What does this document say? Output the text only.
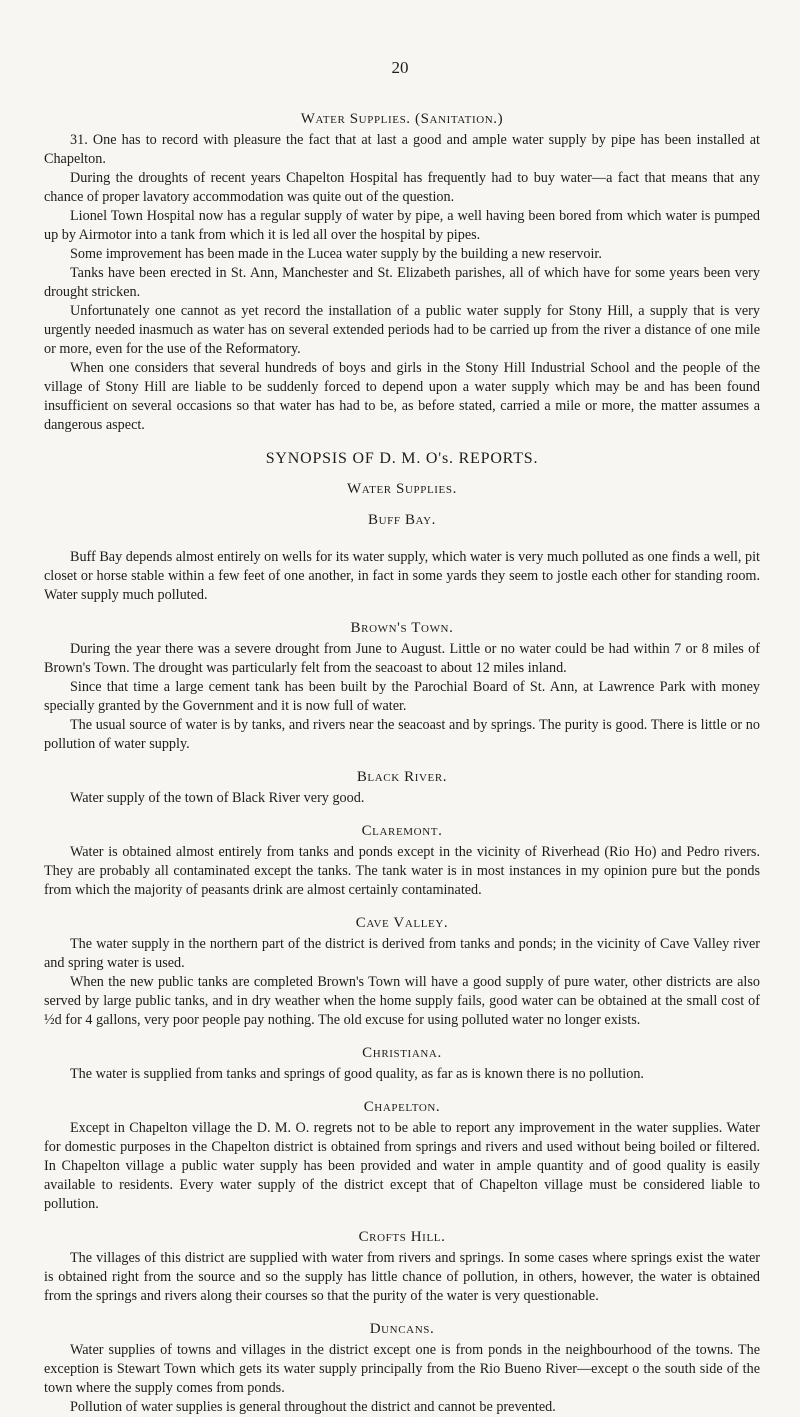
20
Water Supplies. (Sanitation.)

31. One has to record with pleasure the fact that at last a good and ample water supply by pipe has been installed at Chapelton.

During the droughts of recent years Chapelton Hospital has frequently had to buy water—a fact that means that any chance of proper lavatory accommodation was quite out of the question.

Lionel Town Hospital now has a regular supply of water by pipe, a well having been bored from which water is pumped up by Airmotor into a tank from which it is led all over the hospital by pipes.

Some improvement has been made in the Lucea water supply by the building a new reservoir.

Tanks have been erected in St. Ann, Manchester and St. Elizabeth parishes, all of which have for some years been very drought stricken.

Unfortunately one cannot as yet record the installation of a public water supply for Stony Hill, a supply that is very urgently needed inasmuch as water has on several extended periods had to be carried up from the river a distance of one mile or more, even for the use of the Reformatory.

When one considers that several hundreds of boys and girls in the Stony Hill Industrial School and the people of the village of Stony Hill are liable to be suddenly forced to depend upon a water supply which may be and has been found insufficient on several occasions so that water has had to be, as before stated, carried a mile or more, the matter assumes a dangerous aspect.

SYNOPSIS OF D. M. O's. REPORTS.
Water Supplies.
Buff Bay.

Buff Bay depends almost entirely on wells for its water supply, which water is very much polluted as one finds a well, pit closet or horse stable within a few feet of one another, in fact in some yards they seem to jostle each other for standing room. Water supply much polluted.

Brown's Town.

During the year there was a severe drought from June to August. Little or no water could be had within 7 or 8 miles of Brown's Town. The drought was particularly felt from the seacoast to about 12 miles inland.

Since that time a large cement tank has been built by the Parochial Board of St. Ann, at Lawrence Park with money specially granted by the Government and it is now full of water.

The usual source of water is by tanks, and rivers near the seacoast and by springs. The purity is good. There is little or no pollution of water supply.

Black River.

Water supply of the town of Black River very good.

Claremont.

Water is obtained almost entirely from tanks and ponds except in the vicinity of Riverhead (Rio Ho) and Pedro rivers. They are probably all contaminated except the tanks. The tank water is in most instances in my opinion pure but the ponds from which the majority of peasants drink are almost certainly contaminated.

Cave Valley.

The water supply in the northern part of the district is derived from tanks and ponds; in the vicinity of Cave Valley river and spring water is used.

When the new public tanks are completed Brown's Town will have a good supply of pure water, other districts are also served by large public tanks, and in dry weather when the home supply fails, good water can be obtained at the small cost of ½d for 4 gallons, very poor people pay nothing. The old excuse for using polluted water no longer exists.

Christiana.

The water is supplied from tanks and springs of good quality, as far as is known there is no pollution.

Chapelton.

Except in Chapelton village the D. M. O. regrets not to be able to report any improvement in the water supplies. Water for domestic purposes in the Chapelton district is obtained from springs and rivers and used without being boiled or filtered. In Chapelton village a public water supply has been provided and water in ample quantity and of good quality is easily available to residents. Every water supply of the district except that of Chapelton village must be considered liable to pollution.

Crofts Hill.

The villages of this district are supplied with water from rivers and springs. In some cases where springs exist the water is obtained right from the source and so the supply has little chance of pollution, in others, however, the water is obtained from the springs and rivers along their courses so that the purity of the water is very questionable.

Duncans.

Water supplies of towns and villages in the district except one is from ponds in the neighbourhood of the towns. The exception is Stewart Town which gets its water supply principally from the Rio Bueno River—except o the south side of the town where the supply comes from ponds.

Pollution of water supplies is general throughout the district and cannot be prevented.
